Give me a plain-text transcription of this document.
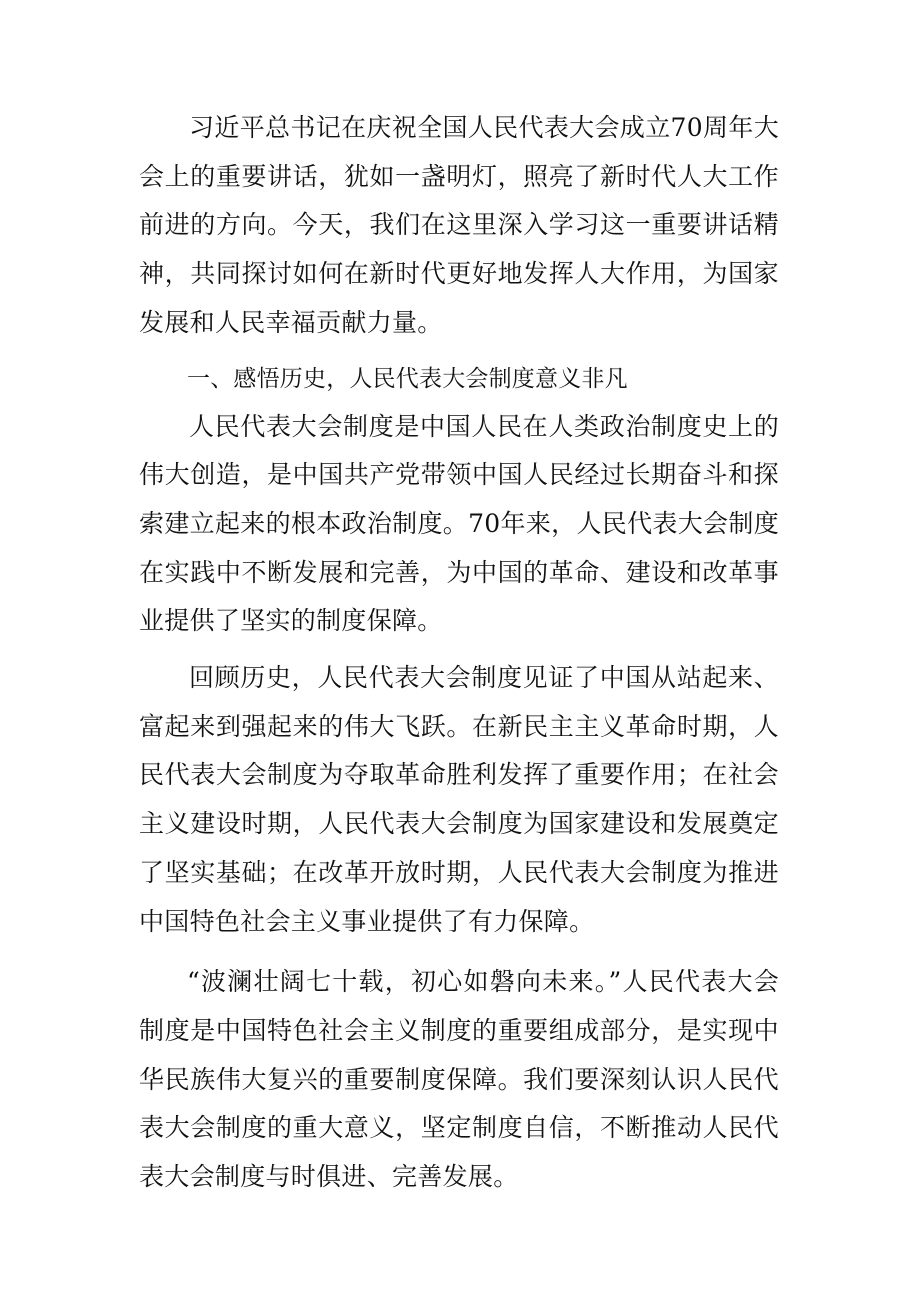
习近平总书记在庆祝全国人民代表大会成立70周年大会上的重要讲话，犹如一盏明灯，照亮了新时代人大工作前进的方向。今天，我们在这里深入学习这一重要讲话精神，共同探讨如何在新时代更好地发挥人大作用，为国家发展和人民幸福贡献力量。

一、感悟历史，人民代表大会制度意义非凡

人民代表大会制度是中国人民在人类政治制度史上的伟大创造，是中国共产党带领中国人民经过长期奋斗和探索建立起来的根本政治制度。70年来，人民代表大会制度在实践中不断发展和完善，为中国的革命、建设和改革事业提供了坚实的制度保障。

回顾历史，人民代表大会制度见证了中国从站起来、富起来到强起来的伟大飞跃。在新民主主义革命时期，人民代表大会制度为夺取革命胜利发挥了重要作用；在社会主义建设时期，人民代表大会制度为国家建设和发展奠定了坚实基础；在改革开放时期，人民代表大会制度为推进中国特色社会主义事业提供了有力保障。

“波澜壮阔七十载，初心如磐向未来。”人民代表大会制度是中国特色社会主义制度的重要组成部分，是实现中华民族伟大复兴的重要制度保障。我们要深刻认识人民代表大会制度的重大意义，坚定制度自信，不断推动人民代表大会制度与时俱进、完善发展。
